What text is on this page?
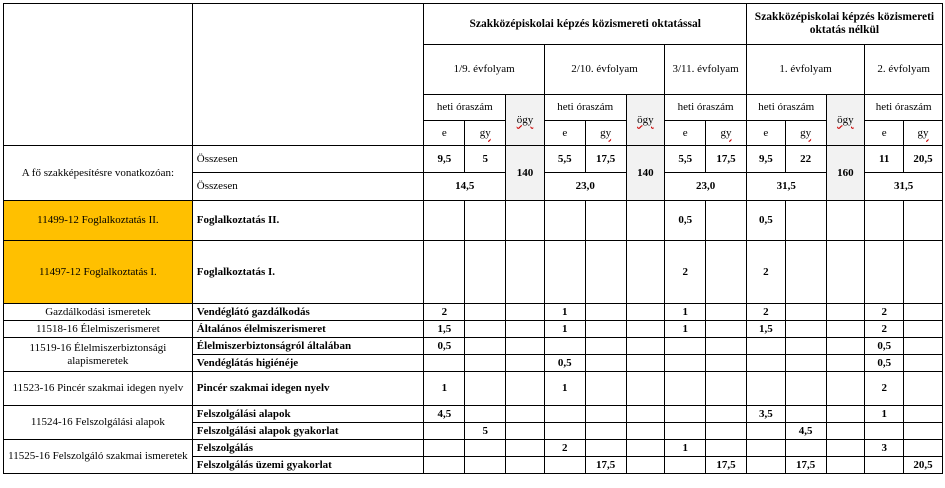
		Szakközépiskolai képzés közismereti oktatással								Szakközépiskolai képzés közismereti oktatás nélkül				
		1/9. évfolyam			2/10. évfolyam			3/11. évfolyam		1. évfolyam			2. évfolyam	
		heti óraszám		ögy	heti óraszám		ögy	heti óraszám		heti óraszám		ögy	heti óraszám	
		e	gy		e	gy		e	gy	e	gy		e	gy
A fő szakképesítésre vonatkozóan:	Összesen	9,5	5	140	5,5	17,5	140	5,5	17,5	9,5	22	160	11	20,5
	Összesen	14,5			23,0			23,0		31,5			31,5	
11499-12 Foglalkoztatás II.	Foglalkoztatás II.							0,5		0,5				
11497-12 Foglalkoztatás I.	Foglalkoztatás I.							2		2				
Gazdálkodási ismeretek	Vendéglátó gazdálkodás	2			1			1		2			2	
11518-16 Élelmiszerismeret	Általános élelmiszerismeret	1,5			1			1		1,5			2	
11519-16 Élelmiszerbiztonsági alapismeretek	Élelmiszerbiztonságról általában	0,5											0,5	
	Vendéglátás higiénéje				0,5								0,5	
11523-16 Pincér szakmai idegen nyelv	Pincér szakmai idegen nyelv	1			1								2	
11524-16 Felszolgálási alapok	Felszolgálási alapok	4,5								3,5			1	
	Felszolgálási alapok gyakorlat		5								4,5			
11525-16 Felszolgáló szakmai ismeretek	Felszolgálás				2			1					3	
	Felszolgálás üzemi gyakorlat					17,5			17,5		17,5			20,5
